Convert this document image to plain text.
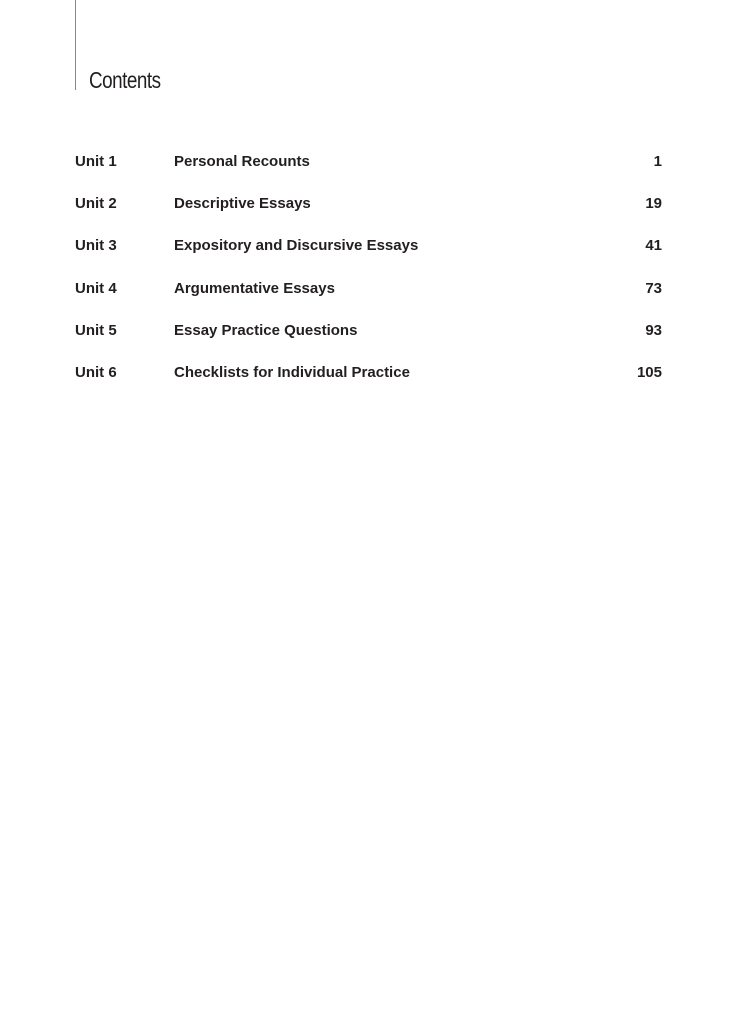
Contents
Unit 1	Personal Recounts	1
Unit 2	Descriptive Essays	19
Unit 3	Expository and Discursive Essays	41
Unit 4	Argumentative Essays	73
Unit 5	Essay Practice Questions	93
Unit 6	Checklists for Individual Practice	105
